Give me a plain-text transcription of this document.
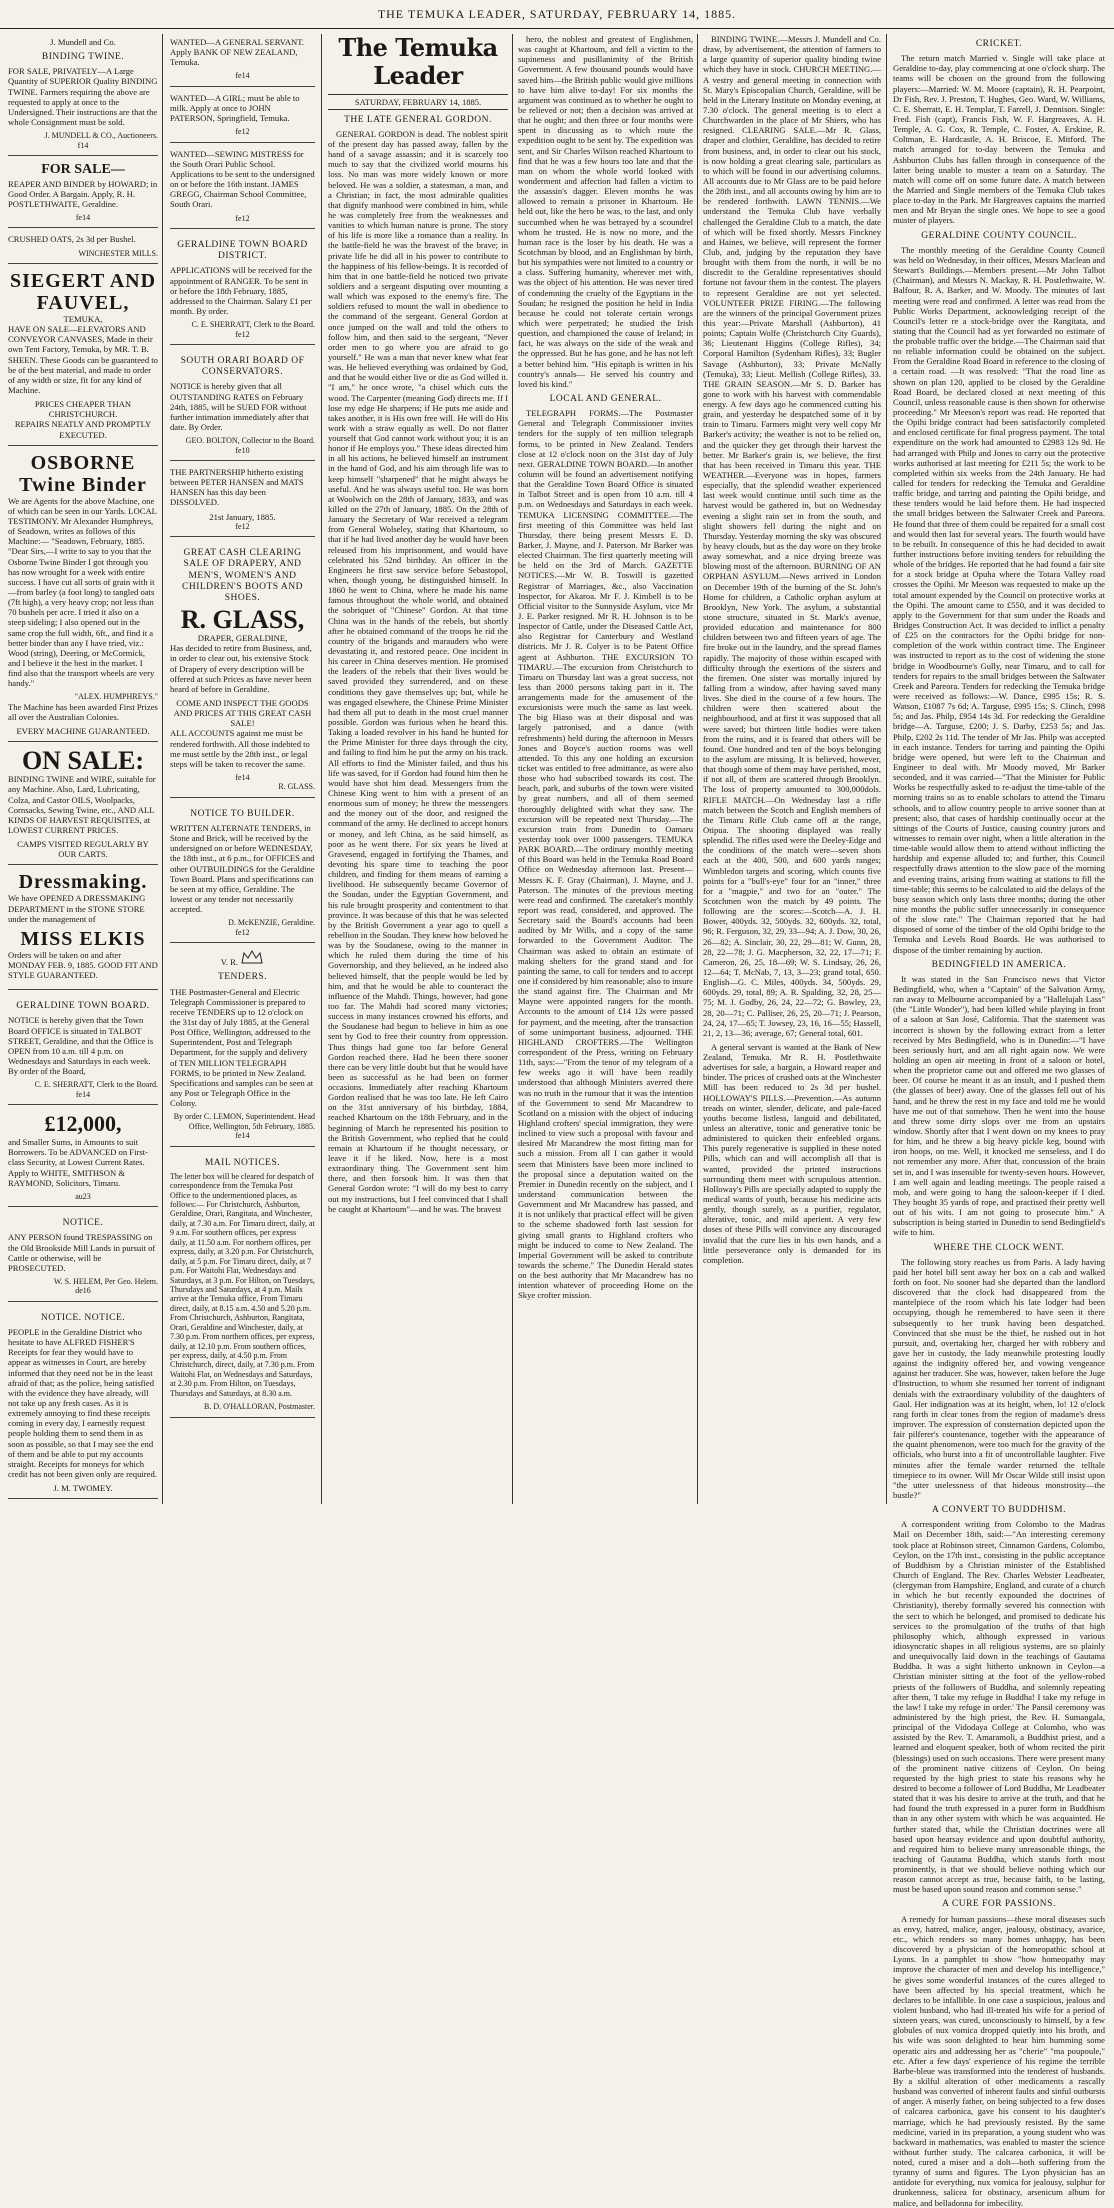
THE TEMUKA LEADER, SATURDAY, FEBRUARY 14, 1885.
J. Mundell and Co.
BINDING TWINE.

FOR SALE, PRIVATELY—A Large Quantity of SUPERIOR Quality BINDING TWINE. Farmers requiring the above are requested to apply at once to the Undersigned. Their instructions are that the whole Consignment must be sold.

J. MUNDELL & CO., Auctioneers.
f14
FOR SALE—

REAPER AND BINDER by HOWARD; in Good Order. A Bargain. Apply, R. H. POSTLETHWAITE, Geraldine.

fe14

CRUSHED OATS, 2s 3d per Bushel.

WINCHESTER MILLS.
SIEGERT AND FAUVEL,
TEMUKA,

HAVE ON SALE—ELEVATORS AND CONVEYOR CANVASES, Made in their own Tent Factory, Temuka, by MR. T. B. SHEEN. These Goods can be guaranteed to be of the best material, and made to order of any width or size, fit for any kind of Machine.

PRICES CHEAPER THAN CHRISTCHURCH.
REPAIRS NEATLY AND PROMPTLY EXECUTED.
OSBORNE
Twine Binder

We are Agents for the above Machine, one of which can be seen in our Yards. LOCAL TESTIMONY. Mr Alexander Humphreys, of Seadown, writes as follows of this Machine:— "Seadown, February, 1885. "Dear Sirs,—I write to say to you that the Osborne Twine Binder I got through you has now wrought for a week with entire success. I have cut all sorts of grain with it—from barley (a foot long) to tangled oats (7ft high), a very heavy crop; not less than 70 bushels per acre. I tried it also on a steep sideling; I also opened out in the same crop the full width, 6ft., and find it a better binder than any I have tried, viz.: Wood (string), Deering, or McCormick, and I believe it the best in the market. I find also that the transport wheels are very handy."

"ALEX. HUMPHREYS."

The Machine has been awarded First Prizes all over the Australian Colonies.

EVERY MACHINE GUARANTEED.
ON SALE:

BINDING TWINE and WIRE, suitable for any Machine. Also, Lard, Lubricating, Colza, and Castor OILS, Woolpacks, Cornsacks, Sewing Twine, etc., AND ALL KINDS OF HARVEST REQUISITES, at LOWEST CURRENT PRICES.

CAMPS VISITED REGULARLY BY OUR CARTS.
Dressmaking.

We have OPENED A DRESSMAKING DEPARTMENT in the STONE STORE under the management of

MISS ELKIS

Orders will be taken on and after MONDAY FEB. 9, 1885. GOOD FIT AND STYLE GUARANTEED.

GERALDINE TOWN BOARD.

NOTICE is hereby given that the Town Board OFFICE is situated in TALBOT STREET, Geraldine, and that the Office is OPEN from 10 a.m. till 4 p.m. on Wednesdays and Saturdays in each week. By order of the Board,

C. E. SHERRATT, Clerk to the Board.
fe14
£12,000,

and Smaller Sums, in Amounts to suit Borrowers. To be ADVANCED on First-class Security, at Lowest Current Rates. Apply to WHITE, SMITHSON & RAYMOND, Solicitors, Timaru.

au23
NOTICE.

ANY PERSON found TRESPASSING on the Old Brookside Mill Lands in pursuit of Cattle or otherwise, will be PROSECUTED.

W. S. HELEM, Per Geo. Helem.
de16
NOTICE. NOTICE.

PEOPLE in the Geraldine District who hesitate to have ALFRED FISHER'S Receipts for fear they would have to appear as witnesses in Court, are hereby informed that they need not be in the least afraid of that; as the police, being satisfied with the evidence they have already, will not take up any fresh cases. As it is extremely annoying to find these receipts coming in every day, I earnestly request people holding them to send them in as soon as possible, so that I may see the end of them and be able to put my accounts straight. Receipts for moneys for which credit has not been given only are required.

J. M. TWOMEY.

WANTED—A GENERAL SERVANT. Apply BANK OF NEW ZEALAND, Temuka.

fe14

WANTED—A GIRL; must be able to milk. Apply at once to JOHN PATERSON, Springfield, Temuka.

fe12

WANTED—SEWING MISTRESS for the South Orari Public School. Applications to be sent to the undersigned on or before the 16th instant. JAMES GREGG, Chairman School Committee, South Orari.

fe12
GERALDINE TOWN BOARD DISTRICT.

APPLICATIONS will be received for the appointment of RANGER. To be sent in or before the 18th February, 1885, addressed to the Chairman. Salary £1 per month. By order.

C. E. SHERRATT, Clerk to the Board.
fe12
SOUTH ORARI BOARD OF CONSERVATORS.

NOTICE is hereby given that all OUTSTANDING RATES on February 24th, 1885, will be SUED FOR without further intimation immediately after that date. By Order.

GEO. BOLTON, Collector to the Board.
fe10

THE PARTNERSHIP hitherto existing between PETER HANSEN and MATS HANSEN has this day been DISSOLVED.

21st January, 1885.
fe12
GREAT CASH CLEARING SALE OF DRAPERY, AND MEN'S, WOMEN'S AND CHILDREN'S BOOTS AND SHOES.
R. GLASS,
DRAPER, GERALDINE,

Has decided to retire from Business, and, in order to clear out, his extensive Stock of Drapery of every description will be offered at such Prices as have never been heard of before in Geraldine.

COME AND INSPECT THE GOODS AND PRICES AT THIS GREAT CASH SALE!

ALL ACCOUNTS against me must be rendered forthwith. All those indebted to me must settle by the 28th inst., or legal steps will be taken to recover the same.

fe14
R. GLASS.
NOTICE TO BUILDER.

WRITTEN ALTERNATE TENDERS, in Stone and Brick, will be received by the undersigned on or before WEDNESDAY, the 18th inst., at 6 p.m., for OFFICES and other OUTBUILDINGS for the Geraldine Town Board. Plans and specifications can be seen at my office, Geraldine. The lowest or any tender not necessarily accepted.

D. McKENZIE, Geraldine.
fe12
V. R.
TENDERS.

THE Postmaster-General and Electric Telegraph Commissioner is prepared to receive TENDERS up to 12 o'clock on the 31st day of July 1885, at the General Post Office, Wellington, addressed to the Superintendent, Post and Telegraph Department, for the supply and delivery of TEN MILLION TELEGRAPH FORMS, to be printed in New Zealand. Specifications and samples can be seen at any Post or Telegraph Office in the Colony.

By order C. LEMON, Superintendent. Head Office, Wellington, 5th February, 1885.
fe14
MAIL NOTICES.

The letter box will be cleared for despatch of correspondence from the Temuka Post Office to the undermentioned places, as follows:— For Christchurch, Ashburton, Geraldine, Orari, Rangitata, and Winchester, daily, at 7.30 a.m. For Timaru direct, daily, at 9 a.m. For southern offices, per express daily, at 11.50 a.m. For northern offices, per express, daily, at 3.20 p.m. For Christchurch, daily, at 5 p.m. For Timaru direct, daily, at 7 p.m. For Waitohi Flat, Wednesdays and Saturdays, at 3 p.m. For Hilton, on Tuesdays, Thursdays and Saturdays, at 4 p.m. Mails arrive at the Temuka office, From Timaru direct, daily, at 8.15 a.m. 4.50 and 5.20 p.m. From Christchurch, Ashburton, Rangitata, Orari, Geraldine and Winchester, daily, at 7.30 p.m. From northern offices, per express, daily, at 12.10 p.m. From southern offices, per express, daily, at 4.50 p.m. From Christchurch, direct, daily, at 7.30 p.m. From Waitohi Flat, on Wednesdays and Saturdays, at 2.30 p.m. From Hilton, on Tuesdays, Thursdays and Saturdays, at 8.30 a.m.

B. D. O'HALLORAN, Postmaster.
The Temuka Leader
SATURDAY, FEBRUARY 14, 1885.
THE LATE GENERAL GORDON.

GENERAL GORDON is dead. The noblest spirit of the present day has passed away, fallen by the hand of a savage assassin; and it is scarcely too much to say that the civilized world mourns his loss. No man was more widely known or more beloved. He was a soldier, a statesman, a man, and a Christian; in fact, the most admirable qualities that dignify manhood were combined in him, while he was completely free from the weaknesses and vanities to which human nature is prone. The story of his life is more like a romance than a reality. In the battle-field he was the bravest of the brave; in private life he did all in his power to contribute to the happiness of his fellow-beings. It is recorded of him that in one battle-field he noticed two private soldiers and a sergeant disputing over mounting a wall which was exposed to the enemy's fire. The soldiers refused to mount the wall in obedience to the command of the sergeant. General Gordon at once jumped on the wall and told the others to follow him, and then said to the sergeant, "Never order men to go where you are afraid to go yourself." He was a man that never knew what fear was. He believed everything was ordained by God, and that he would either live or die as God willed it. "I am," he once wrote, "a chisel which cuts the wood. The Carpenter (meaning God) directs me. If I lose my edge He sharpens; if He puts me aside and takes another, it is His own free will. He will do His work with a straw equally as well. Do not flatter yourself that God cannot work without you; it is an honor if He employs you." These ideas directed him in all his actions, he believed himself an instrument in the hand of God, and his aim through life was to keep himself "sharpened" that he might always be useful. And he was always useful too. He was born at Woolwich on the 28th of January, 1833, and was killed on the 27th of January, 1885. On the 28th of January the Secretary of War received a telegram from General Wolseley, stating that Khartoum, so that if he had lived another day he would have been released from his imprisonment, and would have celebrated his 52nd birthday. An officer in the Engineers he first saw service before Sebastopol, when, though young, he distinguished himself. In 1860 he went to China, where he made his name famous throughout the whole world, and obtained the sobriquet of "Chinese" Gordon. At that time China was in the hands of the rebels, but shortly after he obtained command of the troops he rid the country of the brigands and marauders who were devastating it, and restored peace. One incident in his career in China deserves mention. He promised the leaders of the rebels that their lives would be saved provided they surrendered, and on these conditions they gave themselves up; but, while he was engaged elsewhere, the Chinese Prime Minister had them all put to death in the most cruel manner possible. Gordon was furious when he heard this. Taking a loaded revolver in his hand he hunted for the Prime Minister for three days through the city, and failing to find him he put the army on his track. All efforts to find the Minister failed, and thus his life was saved, for if Gordon had found him then he would have shot him dead. Messengers from the Chinese King went to him with a present of an enormous sum of money; he threw the messengers and the money out of the door, and resigned the command of the army. He declined to accept honors or money, and left China, as he said himself, as poor as he went there. For six years he lived at Gravesend, engaged in fortifying the Thames, and devoting his spare time to teaching the poor children, and finding for them means of earning a livelihood. He subsequently became Governor of the Soudan, under the Egyptian Government, and his rule brought prosperity and contentment to that province. It was because of this that he was selected by the British Government a year ago to quell a rebellion in the Soudan. They knew how beloved he was by the Soudanese, owing to the manner in which he ruled them during the time of his Governorship, and they believed, as he indeed also believed himself, that the people would be led by him, and that he would be able to counteract the influence of the Mahdi. Things, however, had gone too far. The Mahdi had scored many victories; success in many instances crowned his efforts, and the Soudanese had begun to believe in him as one sent by God to free their country from oppression. Thus things had gone too far before General Gordon reached there. Had he been there sooner there can be very little doubt but that he would have been as successful as he had been on former occasions. Immediately after reaching Khartoum Gordon realised that he was too late. He left Cairo on the 31st anniversary of his birthday, 1884, reached Khartoum on the 18th February, and in the beginning of March he represented his position to the British Government, who replied that he could remain at Khartoum if he thought necessary, or leave it if he liked. Now, here is a most extraordinary thing. The Government sent him there, and then forsook him. It was then that General Gordon wrote: "I will do my best to carry out my instructions, but I feel convinced that I shall be caught at Khartoum"—and he was. The bravest

hero, the noblest and greatest of Englishmen, was caught at Khartoum, and fell a victim to the supineness and pusillanimity of the British Government. A few thousand pounds would have saved him—the British public would give millions to have him alive to-day! For six months the argument was continued as to whether he ought to be relieved or not; then a decision was arrived at that he ought; and then three or four months were spent in discussing as to which route the expedition ought to be sent by. The expedition was sent, and Sir Charles Wilson reached Khartoum to find that he was a few hours too late and that the man on whom the whole world looked with wonderment and affection had fallen a victim to the assassin's dagger. Eleven months he was allowed to remain a prisoner in Khartoum. He held out, like the hero he was, to the last, and only succumbed when he was betrayed by a scoundrel whom he trusted. He is now no more, and the human race is the loser by his death. He was a Scotchman by blood, and an Englishman by birth, but his sympathies were not limited to a country or a class. Suffering humanity, wherever met with, was the object of his attention. He was never tired of condemning the cruelty of the Egyptians in the Soudan; he resigned the position he held in India because he could not tolerate certain wrongs which were perpetrated; he studied the Irish question, and championed the cause of Ireland; in fact, he was always on the side of the weak and the oppressed. But he has gone, and he has not left a better behind him. "His epitaph is written in his country's annals— He served his country and loved his kind."

LOCAL AND GENERAL.

TELEGRAPH FORMS.—The Postmaster General and Telegraph Commissioner invites tenders for the supply of ten million telegraph forms, to be printed in New Zealand. Tenders close at 12 o'clock noon on the 31st day of July next. GERALDINE TOWN BOARD.—In another column will be found an advertisement notifying that the Geraldine Town Board Office is situated in Talbot Street and is open from 10 a.m. till 4 p.m. on Wednesdays and Saturdays in each week. TEMUKA LICENSING COMMITTEE.—The first meeting of this Committee was held last Thursday, there being present Messrs E. D. Barker, J. Mayne, and J. Paterson. Mr Barker was elected Chairman. The first quarterly meeting will be held on the 3rd of March. GAZETTE NOTICES.—Mr W. B. Toswill is gazetted Registrar of Marriages, &c., also Vaccination Inspector, for Akaroa. Mr F. J. Kimbell is to be Official visitor to the Sunnyside Asylum, vice Mr J. E. Parker resigned. Mr R. H. Johnson is to be Inspector of Cattle, under the Diseased Cattle Act, also Registrar for Canterbury and Westland districts. Mr J. R. Colyer is to be Patent Office agent at Ashburton. THE EXCURSION TO TIMARU.—The excursion from Christchurch to Timaru on Thursday last was a great success, not less than 2000 persons taking part in it. The arrangements made for the amusement of the excursionists were much the same as last week. The big Hiaso was at their disposal and was largely patronised, and a dance (with refreshments) held during the afternoon in Messrs Jones and Boyce's auction rooms was well attended. To this any one holding an excursion ticket was entitled to free admittance, as were also those who had subscribed towards its cost. The beach, park, and suburbs of the town were visited by great numbers, and all of them seemed thoroughly delighted with what they saw. The excursion will be repeated next Thursday.—The excursion train from Dunedin to Oamaru yesterday took over 1000 passengers. TEMUKA PARK BOARD.—The ordinary monthly meeting of this Board was held in the Temuka Road Board Office on Wednesday afternoon last. Present—Messrs K. F. Gray (Chairman), J. Mayne, and J. Paterson. The minutes of the previous meeting were read and confirmed. The caretaker's monthly report was read, considered, and approved. The Secretary said the Board's accounts had been audited by Mr Wills, and a copy of the same forwarded to the Government Auditor. The Chairman was asked to obtain an estimate of making shelters for the grand stand and for painting the same, to call for tenders and to accept one if considered by him reasonable; also to insure the stand against fire. The Chairman and Mr Mayne were appointed rangers for the month. Accounts to the amount of £14 12s were passed for payment, and the meeting, after the transaction of some unimportant business, adjourned. THE HIGHLAND CROFTERS.—The Wellington correspondent of the Press, writing on February 11th, says:—"From the tenor of my telegram of a few weeks ago it will have been readily understood that although Ministers averred there was no truth in the rumour that it was the intention of the Government to send Mr Macandrew to Scotland on a mission with the object of inducing Highland crofters' special immigration, they were inclined to view such a proposal with favour and desired Mr Macandrew the most fitting man for such a mission. From all I can gather it would seem that Ministers have been more inclined to the proposal since a deputation waited on the Premier in Dunedin recently on the subject, and I understand communication between the Government and Mr Macandrew has passed, and it is not unlikely that practical effect will be given to the scheme shadowed forth last session for giving small grants to Highland crofters who might be induced to come to New Zealand. The Imperial Government will be asked to contribute towards the scheme." The Dunedin Herald states on the best authority that Mr Macandrew has no intention whatever of proceeding Home on the Skye crofter mission.

BINDING TWINE.—Messrs J. Mundell and Co. draw, by advertisement, the attention of farmers to a large quantity of superior quality binding twine which they have in stock. CHURCH MEETING.—A vestry and general meeting in connection with St. Mary's Episcopalian Church, Geraldine, will be held in the Literary Institute on Monday evening, at 7.30 o'clock. The general meeting is to elect a Churchwarden in the place of Mr Shiers, who has resigned. CLEARING SALE.—Mr R. Glass, draper and clothier, Geraldine, has decided to retire from business, and, in order to clear out his stock, is now holding a great clearing sale, particulars as to which will be found in our advertising columns. All accounts due to Mr Glass are to be paid before the 28th inst., and all accounts owing by him are to be rendered forthwith. LAWN TENNIS.—We understand the Temuka Club have verbally challenged the Geraldine Club to a match, the date of which will be fixed shortly. Messrs Finckney and Haines, we believe, will represent the former Club, and, judging by the reputation they have brought with them from the north, it will be no discredit to the Geraldine representatives should fortune not favour them in the contest. The players to represent Geraldine are not yet selected. VOLUNTEER PRIZE FIRING.—The following are the winners of the principal Government prizes this year:—Private Marshall (Ashburton), 41 points; Captain Wolfe (Christchurch City Guards), 36; Lieutenant Higgins (College Rifles), 34; Corporal Hamilton (Sydenham Rifles), 33; Bugler Savage (Ashburton), 33; Private McNally (Temuka), 33; Lieut. Mellish (College Rifles), 33. THE GRAIN SEASON.—Mr S. D. Barker has gone to work with his harvest with commendable energy. A few days ago he commenced cutting his grain, and yesterday he despatched some of it by train to Timaru. Farmers might very well copy Mr Barker's activity; the weather is not to be relied on, and the quicker they get through their harvest the better. Mr Barker's grain is, we believe, the first that has been received in Timaru this year. THE WEATHER.—Everyone was in hopes, farmers especially, that the splendid weather experienced last week would continue until such time as the harvest would be gathered in, but on Wednesday evening a slight rain set in from the south, and slight showers fell during the night and on Thursday. Yesterday morning the sky was obscured by heavy clouds, but as the day wore on they broke away somewhat, and a nice drying breeze was blowing most of the afternoon. BURNING OF AN ORPHAN ASYLUM.—News arrived in London on December 19th of the burning of the St. John's Home for children, a Catholic orphan asylum at Brooklyn, New York. The asylum, a substantial stone structure, situated in St. Mark's avenue, provided education and maintenance for 800 children between two and fifteen years of age. The fire broke out in the laundry, and the spread flames rapidly. The majority of those within escaped with difficulty through the exertions of the sisters and the firemen. One sister was mortally injured by falling from a window, after having saved many lives. She died in the course of a few hours. The children were then scattered about the neighbourhood, and at first it was supposed that all were saved; but thirteen little bodies were taken from the ruins, and it is feared that others will be found. One hundred and ten of the boys belonging to the asylum are missing. It is believed, however, that though some of them may have perished, most, if not all, of them are scattered through Brooklyn. The loss of property amounted to 300,000dols. RIFLE MATCH.—On Wednesday last a rifle match between the Scotch and English members of the Timaru Rifle Club came off at the range, Otipua. The shooting displayed was really splendid. The rifles used were the Deeley-Edge and the conditions of the match were—seven shots each at the 400, 500, and 600 yards ranges; Wimbledon targets and scoring, which counts five points for a "bull's-eye" four for an "inner," three for a "magpie," and two for an "outer." The Scotchmen won the match by 49 points. The following are the scores:—Scotch—A. J. H. Bower, 400yds. 32, 500yds. 32, 600yds. 32, total, 96; R. Ferguson, 32, 29, 33—94; A. J. Dow, 30, 26, 26—82; A. Sinclair, 30, 22, 29—81; W. Gunn, 28, 28, 22—78; J. G. Macpherson, 32, 22, 17—71; F. Cameron, 26, 25, 18—69; W. S. Lindsay, 26, 26, 12—64; T. McNab, 7, 13, 3—23; grand total, 650. English—G. C. Miles, 400yds. 34, 500yds. 29, 600yds. 29, total, 89; A. R. Spalding, 32, 28, 25—75; M. J. Godby, 26, 24, 22—72; G. Bowley, 23, 28, 20—71; C. Palliser, 26, 25, 20—71; J. Pearson, 24, 24, 17—65; T. Jowsey, 23, 16, 16—55; Hassell, 21, 2, 13—36; average, 67; General total, 601.

A general servant is wanted at the Bank of New Zealand, Temuka. Mr R. H. Postlethwaite advertises for sale, a bargain, a Howard reaper and binder. The prices of crushed oats at the Winchester Mill has been reduced to 2s 3d per bushel. HOLLOWAY'S PILLS.—Prevention.—As autumn treads on winter, slender, delicate, and pale-faced youths become listless, languid and debilitated, unless an alterative, tonic and generative tonic be administered to quicken their enfeebled organs. This purely regenerative is supplied in these noted Pills, which can and will accomplish all that is wanted, provided the printed instructions surrounding them meet with scrupulous attention. Holloway's Pills are specially adapted to supply the medical wants of youth, because his medicine acts gently, though surely, as a purifier, regulator, alterative, tonic, and mild aperient. A very few doses of these Pills will convince any discouraged invalid that the cure lies in his own hands, and a little perseverance only is demanded for its completion.

CRICKET.

The return match Married v. Single will take place at Geraldine to-day, play commencing at one o'clock sharp. The teams will be chosen on the ground from the following players:—Married: W. M. Moore (captain), R. H. Pearpoint, Dr Fish, Rev. J. Preston, T. Hughes, Geo. Ward, W. Williams, C. E. Sherratt, E. H. Templar, T. Farrell, J. Dennison. Single: Fred. Fish (capt), Francis Fish, W. F. Hargreaves, A. H. Temple, A. G. Cox, R. Temple, C. Foster, A. Erskine, R. Coltman, E. Hardcastle, A. H. Briscoe, E. Mitford. The match arranged for to-day between the Temuka and Ashburton Clubs has fallen through in consequence of the latter being unable to muster a team on a Saturday. The match will come off on some future date. A match between the Married and Single members of the Temuka Club takes place to-day in the Park. Mr Hargreaves captains the married men and Mr Bryan the single ones. We hope to see a good muster of players.

GERALDINE COUNTY COUNCIL.

The monthly meeting of the Geraldine County Council was held on Wednesday, in their offices, Messrs Maclean and Stewart's Buildings.—Members present.—Mr John Talbot (Chairman), and Messrs N. Mackay, R. H. Postlethwaite, W. Balfour, R. A. Barker, and W. Moody. The minutes of last meeting were read and confirmed. A letter was read from the Public Works Department, acknowledging receipt of the Council's letter re a stock-bridge over the Rangitata, and stating that the Council had as yet forwarded no estimate of the probable traffic over the bridge.—The Chairman said that no reliable information could be obtained on the subject. From the Geraldine Road Board in reference to the closing of a certain road. —It was resolved: "That the road line as shown on plan 120, applied to be closed by the Geraldine Road Board, be declared closed at next meeting of this Council, unless reasonable cause is then shown for otherwise proceeding." Mr Meeson's report was read. He reported that the Opihi bridge contract had been satisfactorily completed and enclosed certificate for final progress payment. The total expenditure on the work had amounted to £2983 12s 9d. He had arranged with Philp and Jones to carry out the protective works authorised at last meeting for £211 5s; the work to be completed within six weeks from the 24th January. He had called for tenders for redecking the Temuka and Geraldine traffic bridge, and tarring and painting the Opihi bridge, and these tenders would be laid before them. He had inspected the small bridges between the Saltwater Creek and Pareora. He found that three of them could be repaired for a small cost and would then last for several years. The fourth would have to be rebuilt. In consequence of this he had decided to await further instructions before inviting tenders for rebuilding the whole of the bridges. He reported that he had found a fair site for a stock bridge at Opuha where the Totara Valley road crosses the Opihi. Mr Meeson was requested to make up the total amount expended by the Council on protective works at the Opihi. The amount came to £550, and it was decided to apply to the Government for that sum under the Roads and Bridges Construction Act. It was decided to inflict a penalty of £25 on the contractors for the Opihi bridge for non-completion of the work within contract time. The Engineer was instructed to report as to the cost of widening the stone bridge in Woodbourne's Gully, near Timaru, and to call for tenders for repairs to the small bridges between the Saltwater Creek and Pareora. Tenders for redecking the Temuka bridge were received as follows:—W. Dance, £995 15s; R. S. Watson, £1087 7s 6d; A. Targuse, £995 15s; S. Clinch, £998 5s; and Jas. Philp, £954 14s 3d. For redecking the Geraldine bridge—A. Targuse, £200; J. S. Darby, £253 5s; and Jas. Philp, £202 2s 11d. The tender of Mr Jas. Philp was accepted in each instance. Tenders for tarring and painting the Opihi bridge were opened, but were left to the Chairman and Engineer to deal with. Mr Moody moved, Mr Barker seconded, and it was carried—"That the Minister for Public Works be respectfully asked to re-adjust the time-table of the morning trains so as to enable scholars to attend the Timaru schools, and to allow country people to arrive sooner than at present; also, that cases of hardship continually occur at the sittings of the Courts of Justice, causing country jurors and witnesses to remain over night, when a little alteration in the time-table would allow them to attend without inflicting the hardship and expense alluded to; and further, this Council respectfully draws attention to the slow pace of the morning and evening trains, arising from waiting at stations to fill the time-table; this seems to be calculated to aid the delays of the busy season which only lasts three months; during the other nine months the public suffer unnecessarily in consequence of the slow rate." The Chairman reported that he had disposed of some of the timber of the old Opihi bridge to the Temuka and Levels Road Boards. He was authorised to dispose of the timber remaining by auction.

BEDINGFIELD IN AMERICA.

It was stated in the San Francisco news that Victor Bedingfield, who, when a "Captain" of the Salvation Army, ran away to Melbourne accompanied by a "Hallelujah Lass" (the "Little Wonder"), had been killed while playing in front of a saloon at San José, California. That the statement was incorrect is shown by the following extract from a letter received by Mrs Bedingfield, who is in Dunedin:—"I have been seriously hurt, and am all right again now. We were holding an open air meeting in front of a saloon or hotel, when the proprietor came out and offered me two glasses of beer. Of course he meant it as an insult, and I pushed them (the glasses of beer) away. One of the glasses fell out of his hand, and he threw the rest in my face and told me he would have me out of that somehow. Then he went into the house and threw some dirty slops over me from an upstairs window. Shortly after that I went down on my knees to pray for him, and he threw a big heavy pickle keg, bound with iron hoops, on me. Well, it knocked me senseless, and I do not remember any more. After that, concussion of the brain set in, and I was insensible for twenty-seven hours. However, I am well again and leading meetings. The people raised a mob, and were going to hang the saloon-keeper if I died. They bought 35 yards of rope, and practised their pretty well out of his wits. I am not going to prosecute him." A subscription is being started in Dunedin to send Bedingfield's wife to him.

WHERE THE CLOCK WENT.

The following story reaches us from Paris. A lady having paid her hotel bill sent away her box on a cab and walked forth on foot. No sooner had she departed than the landlord discovered that the clock had disappeared from the mantelpiece of the room which his late lodger had been occupying, though he remembered to have seen it there subsequently to her trunk having been despatched. Convinced that she must be the thief, he rushed out in hot pursuit, and, overtaking her, charged her with robbery and gave her in custody, the lady meanwhile protesting loudly against the indignity offered her, and vowing vengeance against her traducer. She was, however, taken before the Juge d'Instruction, to whom she resumed her torrent of indignant denials with the extraordinary volubility of the daughters of Gaul. Her indignation was at its height, when, lo! 12 o'clock rang forth in clear tones from the region of madame's dress improver. The expression of consternation depicted upon the fair pilferer's countenance, together with the appearance of the quaint phenomenon, were too much for the gravity of the officials, who burst into a fit of uncontrollable laughter. Five minutes after the female warder returned the telltale timepiece to its owner. Will Mr Oscar Wilde still insist upon "the utter uselessness of that hideous monstrosity—the bustle?"

A CONVERT TO BUDDHISM.

A correspondent writing from Colombo to the Madras Mail on December 18th, said:—"An interesting ceremony took place at Robinson street, Cinnamon Gardens, Colombo, Ceylon, on the 17th inst., consisting in the public acceptance of Buddhism by a Christian minister of the Established Church of England. The Rev. Charles Webster Leadbeater, (clergyman from Hampshire, England, and curate of a church in which he but recently expounded the doctrines of Christianity), thereby formally severed his connection with the sect to which he belonged, and promised to dedicate his services to the promulgation of the truths of that high philosophy which, although expressed in various idiosyncratic shapes in all religious systems, are so plainly and unequivocally laid down in the teachings of Gautama Buddha. It was a sight hitherto unknown in Ceylon—a Christian minister sitting at the foot of the yellow-robed priests of the followers of Buddha, and solemnly repeating after them, 'I take my refuge in Buddha! I take my refuge in the law! I take my refuge in order.' The Pansil ceremony was administered by the high priest, the Rev. H. Sumangala, principal of the Vidodaya College at Colombo, who was assisted by the Rev. T. Amaramoli, a Buddhist priest, and a learned and eloquent speaker, both of whom recited the pirit (blessings) used on such occasions. There were present many of the prominent native citizens of Ceylon. On being requested by the high priest to state his reasons why he desired to become a follower of Lord Buddha, Mr Leadbeater stated that it was his desire to arrive at the truth, and that he had found the truth expressed in a purer form in Buddhism than in any other system with which he was acquainted. He further stated that, while the Christian doctrines were all based upon hearsay evidence and upon doubtful authority, and required him to believe many unreasonable things, the teaching of Gautama Buddha, which stands forth most prominently, is that we should believe nothing which our reason cannot accept as true, because faith, to be lasting, must be based upon sound reason and common sense."

A CURE FOR PASSIONS.

A remedy for human passions—these moral diseases such as envy, hatred, malice, anger, jealousy, obstinacy, avarice, etc., which renders so many homes unhappy, has been discovered by a physician of the homeopathic school at Lyons. In a pamphlet to show "how homeopathy may improve the character of men and develop his intelligence," he gives some wonderful instances of the cures alleged to have been affected by his special treatment, which he declares to be infallible. In one case a suspicious, jealous and violent husband, who had ill-treated his wife for a period of sixteen years, was cured, unconsciously to himself, by a few globules of nux vomica dropped quietly into his broth, and his wife was soon delighted to hear him humming some operatic airs and addressing her as "cherie" "ma poupoule," etc. After a few days' experience of his regime the terrible Barbe-bleue was transformed into the tenderest of husbands. By a skilful alteration of other medicaments a rascally husband was converted of inherent faults and sinful outbursts of anger. A miserly father, on being subjected to a few doses of calcarea carbonica, gave his consent to his daughter's marriage, which he had previously resisted. By the same medicine, varied in its preparation, a young student who was backward in mathematics, was enabled to master the science without further study. The calcarea carbonica, it will be noted, cured a miser and a dolt—both suffering from the tyranny of sums and figures. The Lyon physician has an antidote for everything, nux vomica for jealousy, sulphur for drunkenness, salicea for obstinacy, arsenicum album for malice, and belladonna for imbecility.
